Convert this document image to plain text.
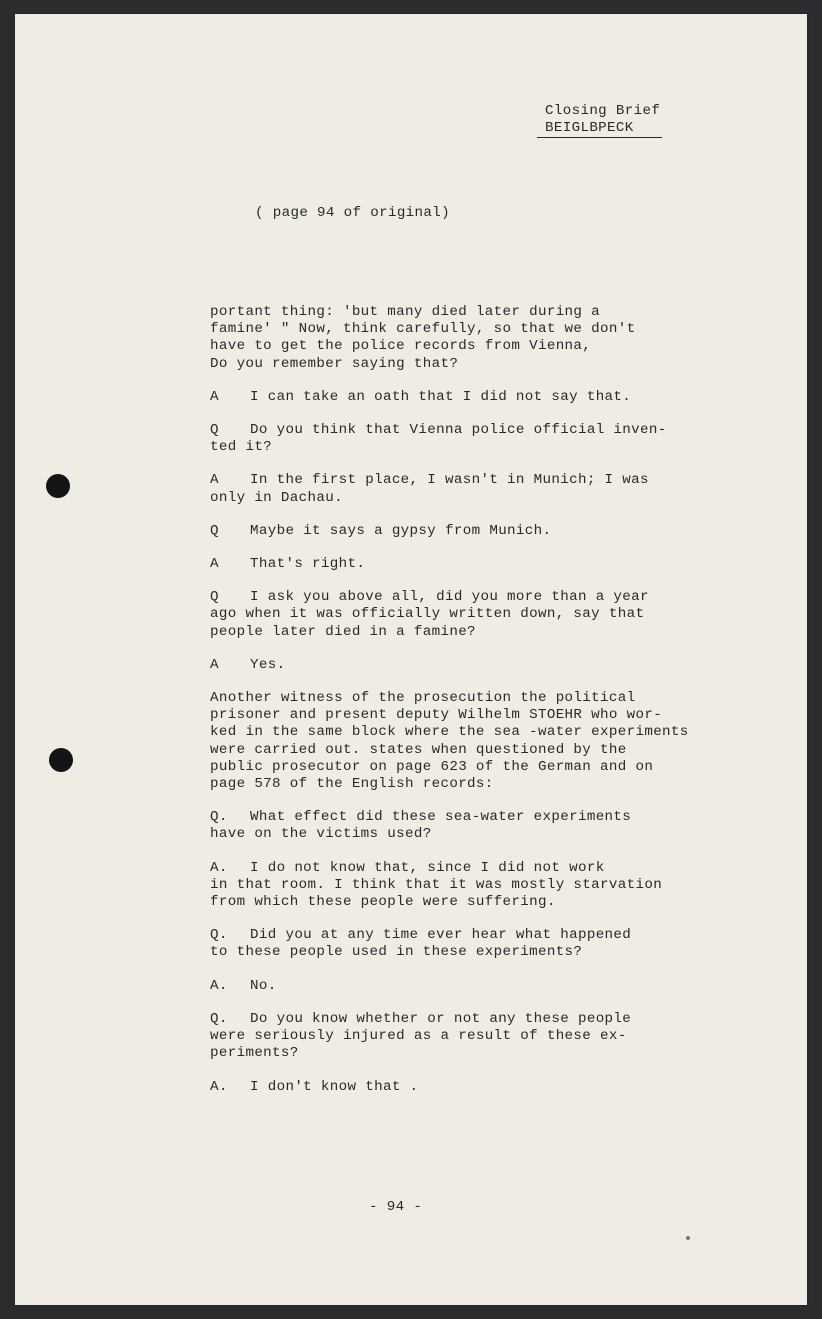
Closing Brief
BEIGLBPECK
( page 94 of original)
portant thing: 'but many died later during a
famine' " Now, think carefully, so that we don't
have to get the police records from Vienna,
Do you remember saying that?
A I can take an oath that I did not say that.
Q Do you think that Vienna police official inven-
ted it?
A In the first place, I wasn't in Munich; I was
only in Dachau.
Q Maybe it says a gypsy from Munich.
A That's right.
Q I ask you above all, did you more than a year
ago when it was officially written down, say that
people later died in a famine?
A Yes.
Another witness of the prosecution the political
prisoner and present deputy Wilhelm STOEHR who wor-
ked in the same block where the sea -water experiments
were carried out. states when questioned by the
public prosecutor on page 623 of the German and on
page 578 of the English records:
Q. What effect did these sea-water experiments
have on the victims used?
A. I do not know that, since I did not work
in that room. I think that it was mostly starvation
from which these people were suffering.
Q. Did you at any time ever hear what happened
to these people used in these experiments?
A. No.
Q. Do you know whether or not any these people
were seriously injured as a result of these ex-
periments?
A. I don't know that .
- 94 -
